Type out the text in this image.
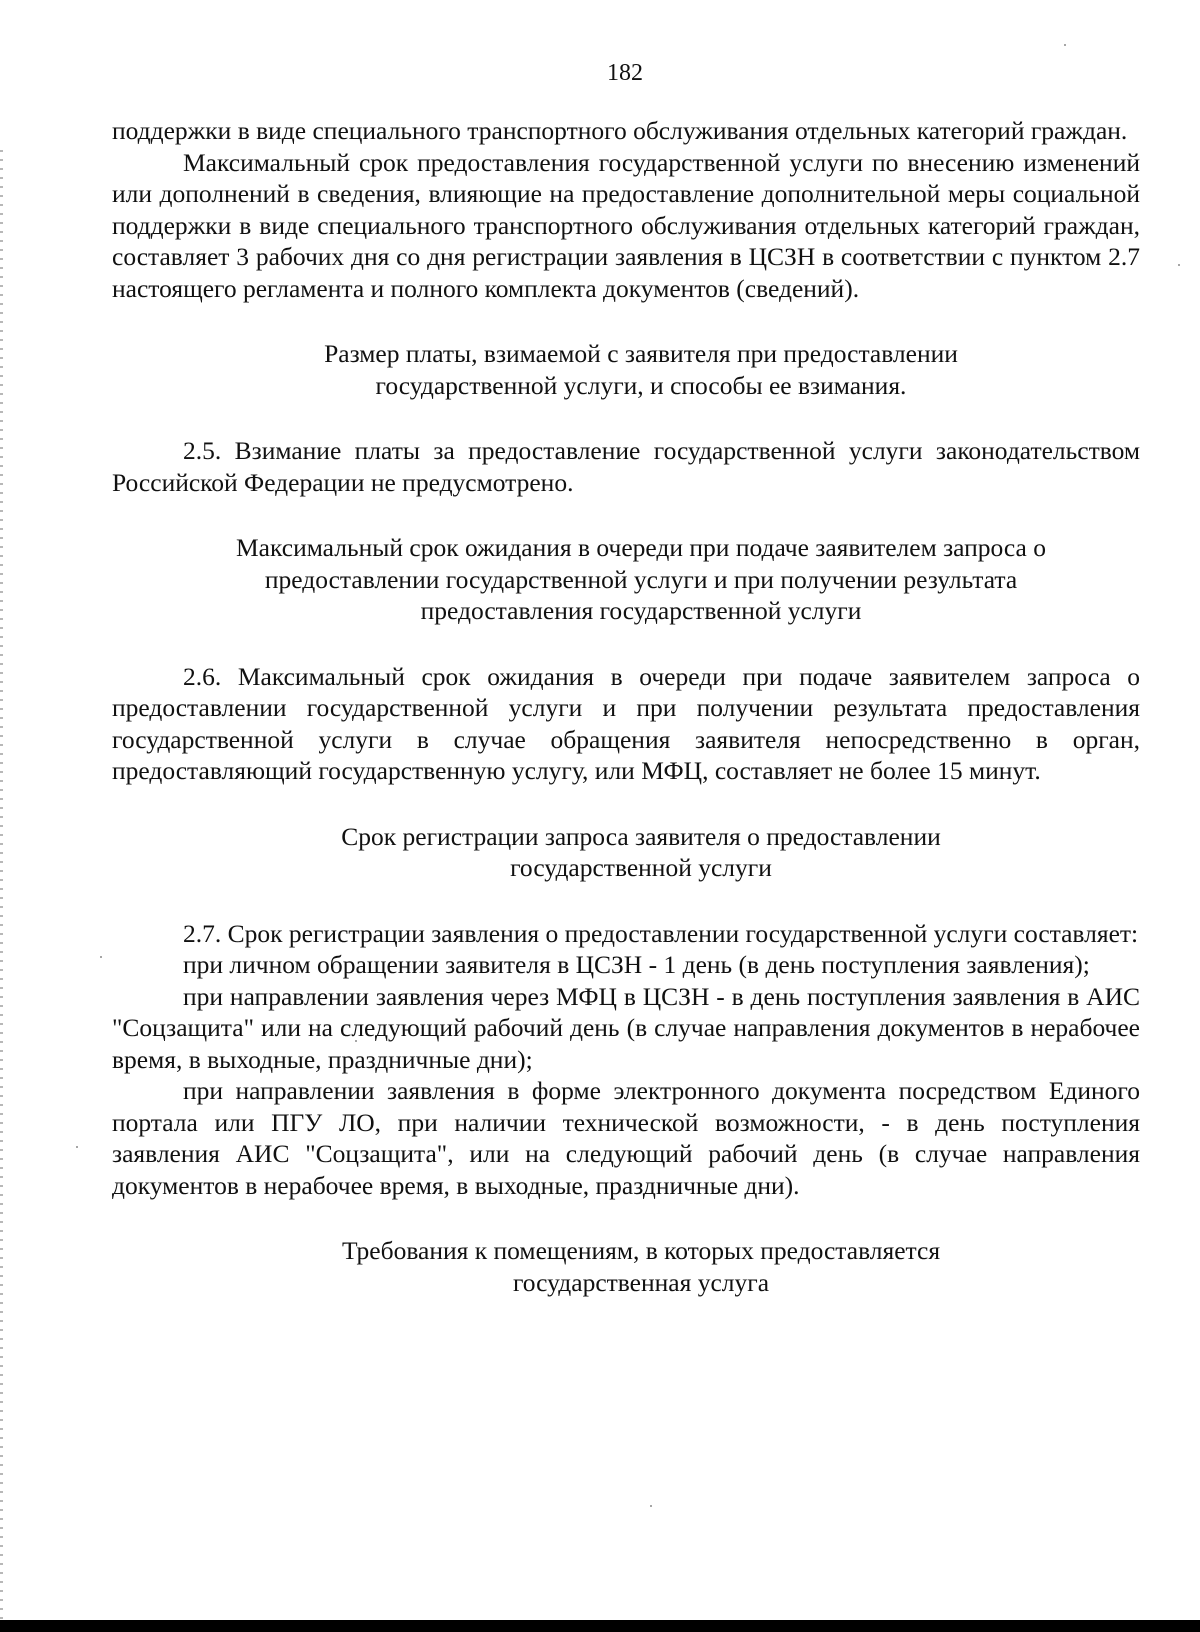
182

поддержки в виде специального транспортного обслуживания отдельных категорий граждан.

Максимальный срок предоставления государственной услуги по внесению изменений или дополнений в сведения, влияющие на предоставление дополнительной меры социальной поддержки в виде специального транспортного обслуживания отдельных категорий граждан, составляет 3 рабочих дня со дня регистрации заявления в ЦСЗН в соответствии с пунктом 2.7 настоящего регламента и полного комплекта документов (сведений).

Размер платы, взимаемой с заявителя при предоставлении
государственной услуги, и способы ее взимания.

2.5. Взимание платы за предоставление государственной услуги законодательством Российской Федерации не предусмотрено.

Максимальный срок ожидания в очереди при подаче заявителем запроса о
предоставлении государственной услуги и при получении результата
предоставления государственной услуги

2.6. Максимальный срок ожидания в очереди при подаче заявителем запроса о предоставлении государственной услуги и при получении результата предоставления государственной услуги в случае обращения заявителя непосредственно в орган, предоставляющий государственную услугу, или МФЦ, составляет не более 15 минут.

Срок регистрации запроса заявителя о предоставлении
государственной услуги

2.7. Срок регистрации заявления о предоставлении государственной услуги составляет:

при личном обращении заявителя в ЦСЗН - 1 день (в день поступления заявления);

при направлении заявления через МФЦ в ЦСЗН - в день поступления заявления в АИС "Соцзащита" или на следующий рабочий день (в случае направления документов в нерабочее время, в выходные, праздничные дни);

при направлении заявления в форме электронного документа посредством Единого портала или ПГУ ЛО, при наличии технической возможности, - в день поступления заявления АИС "Соцзащита", или на следующий рабочий день (в случае направления документов в нерабочее время, в выходные, праздничные дни).

Требования к помещениям, в которых предоставляется
государственная услуга
